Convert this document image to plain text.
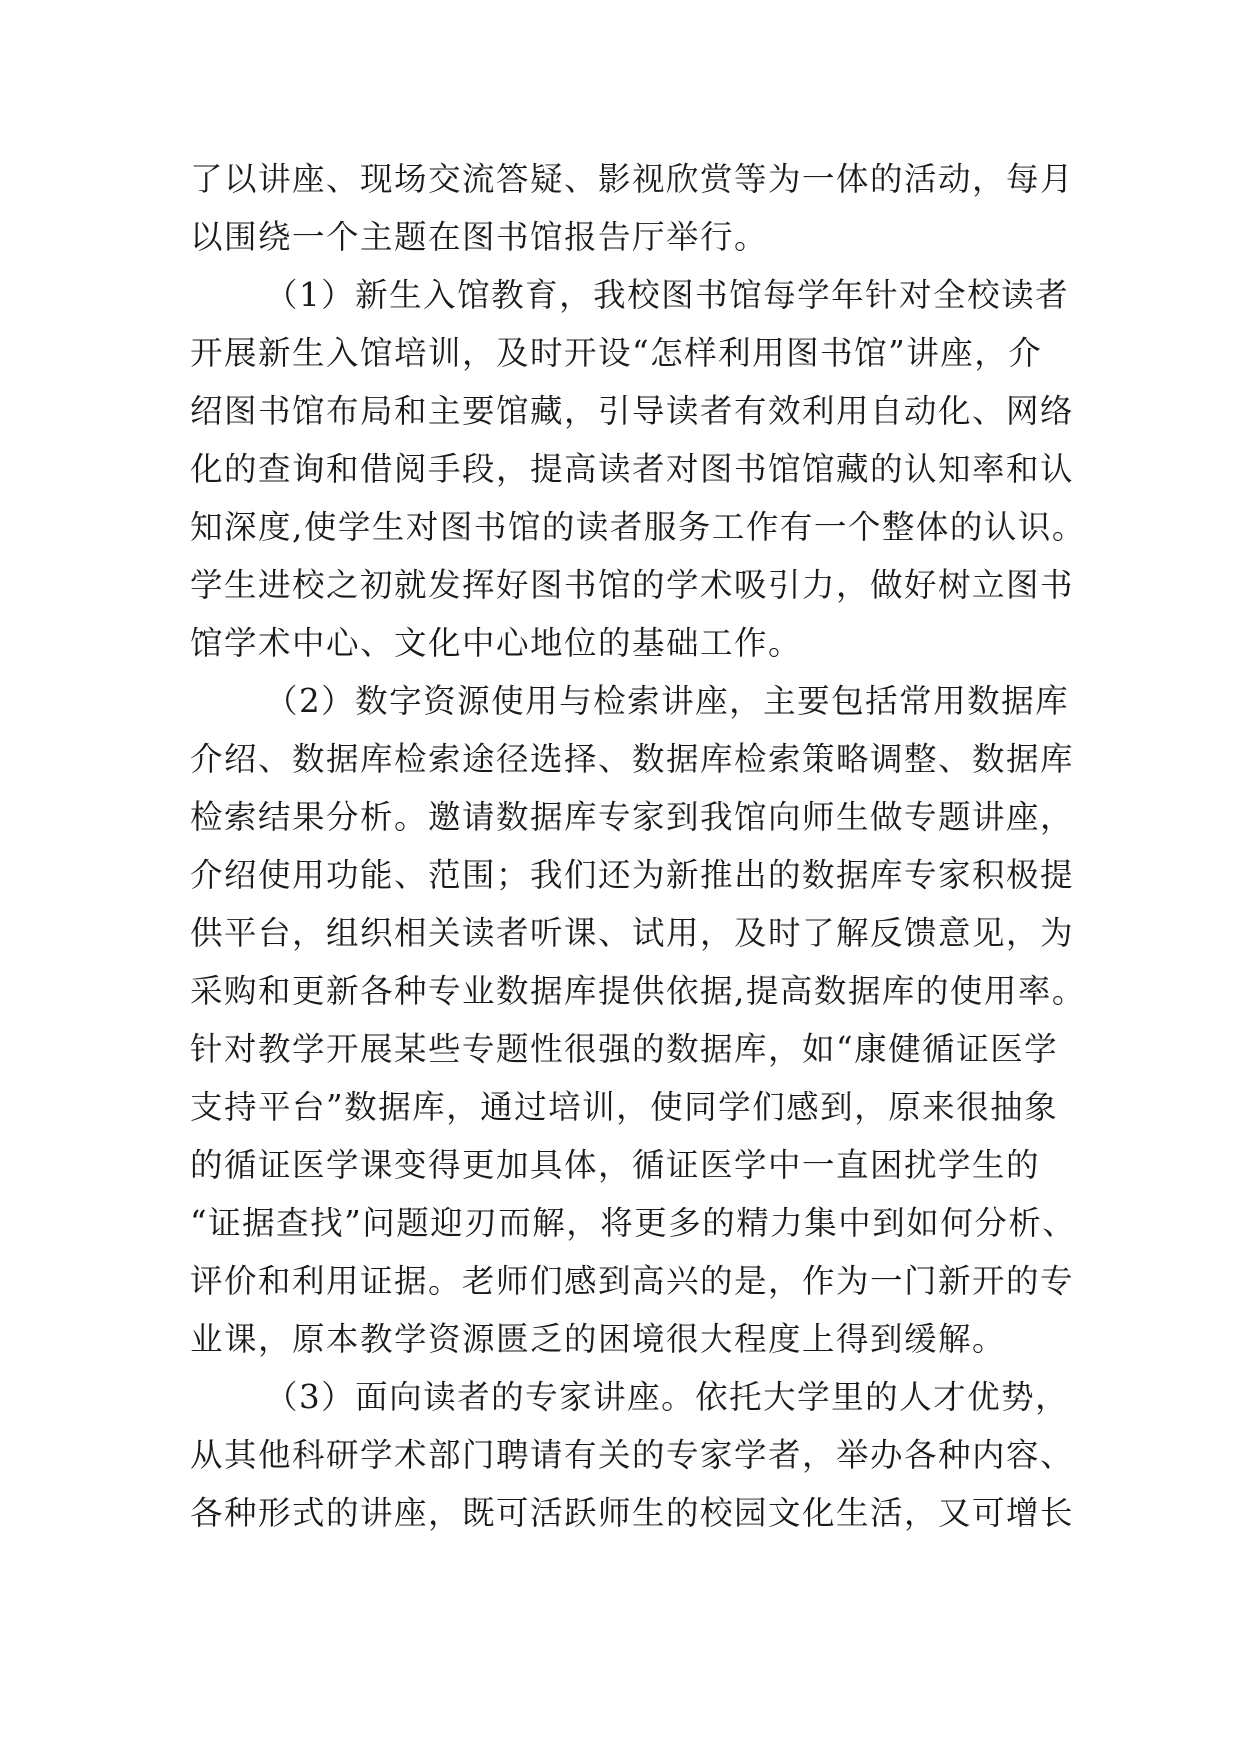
了以讲座、现场交流答疑、影视欣赏等为一体的活动，每月
以围绕一个主题在图书馆报告厅举行。
（1）新生入馆教育，我校图书馆每学年针对全校读者
开展新生入馆培训，及时开设“怎样利用图书馆”讲座，介
绍图书馆布局和主要馆藏，引导读者有效利用自动化、网络
化的查询和借阅手段，提高读者对图书馆馆藏的认知率和认
知深度,使学生对图书馆的读者服务工作有一个整体的认识。
学生进校之初就发挥好图书馆的学术吸引力，做好树立图书
馆学术中心、文化中心地位的基础工作。
（2）数字资源使用与检索讲座，主要包括常用数据库
介绍、数据库检索途径选择、数据库检索策略调整、数据库
检索结果分析。邀请数据库专家到我馆向师生做专题讲座，
介绍使用功能、范围；我们还为新推出的数据库专家积极提
供平台，组织相关读者听课、试用，及时了解反馈意见，为
采购和更新各种专业数据库提供依据,提高数据库的使用率。
针对教学开展某些专题性很强的数据库，如“康健循证医学
支持平台”数据库，通过培训，使同学们感到，原来很抽象
的循证医学课变得更加具体，循证医学中一直困扰学生的
“证据查找”问题迎刃而解，将更多的精力集中到如何分析、
评价和利用证据。老师们感到高兴的是，作为一门新开的专
业课，原本教学资源匮乏的困境很大程度上得到缓解。
（3）面向读者的专家讲座。依托大学里的人才优势，
从其他科研学术部门聘请有关的专家学者，举办各种内容、
各种形式的讲座，既可活跃师生的校园文化生活，又可增长
